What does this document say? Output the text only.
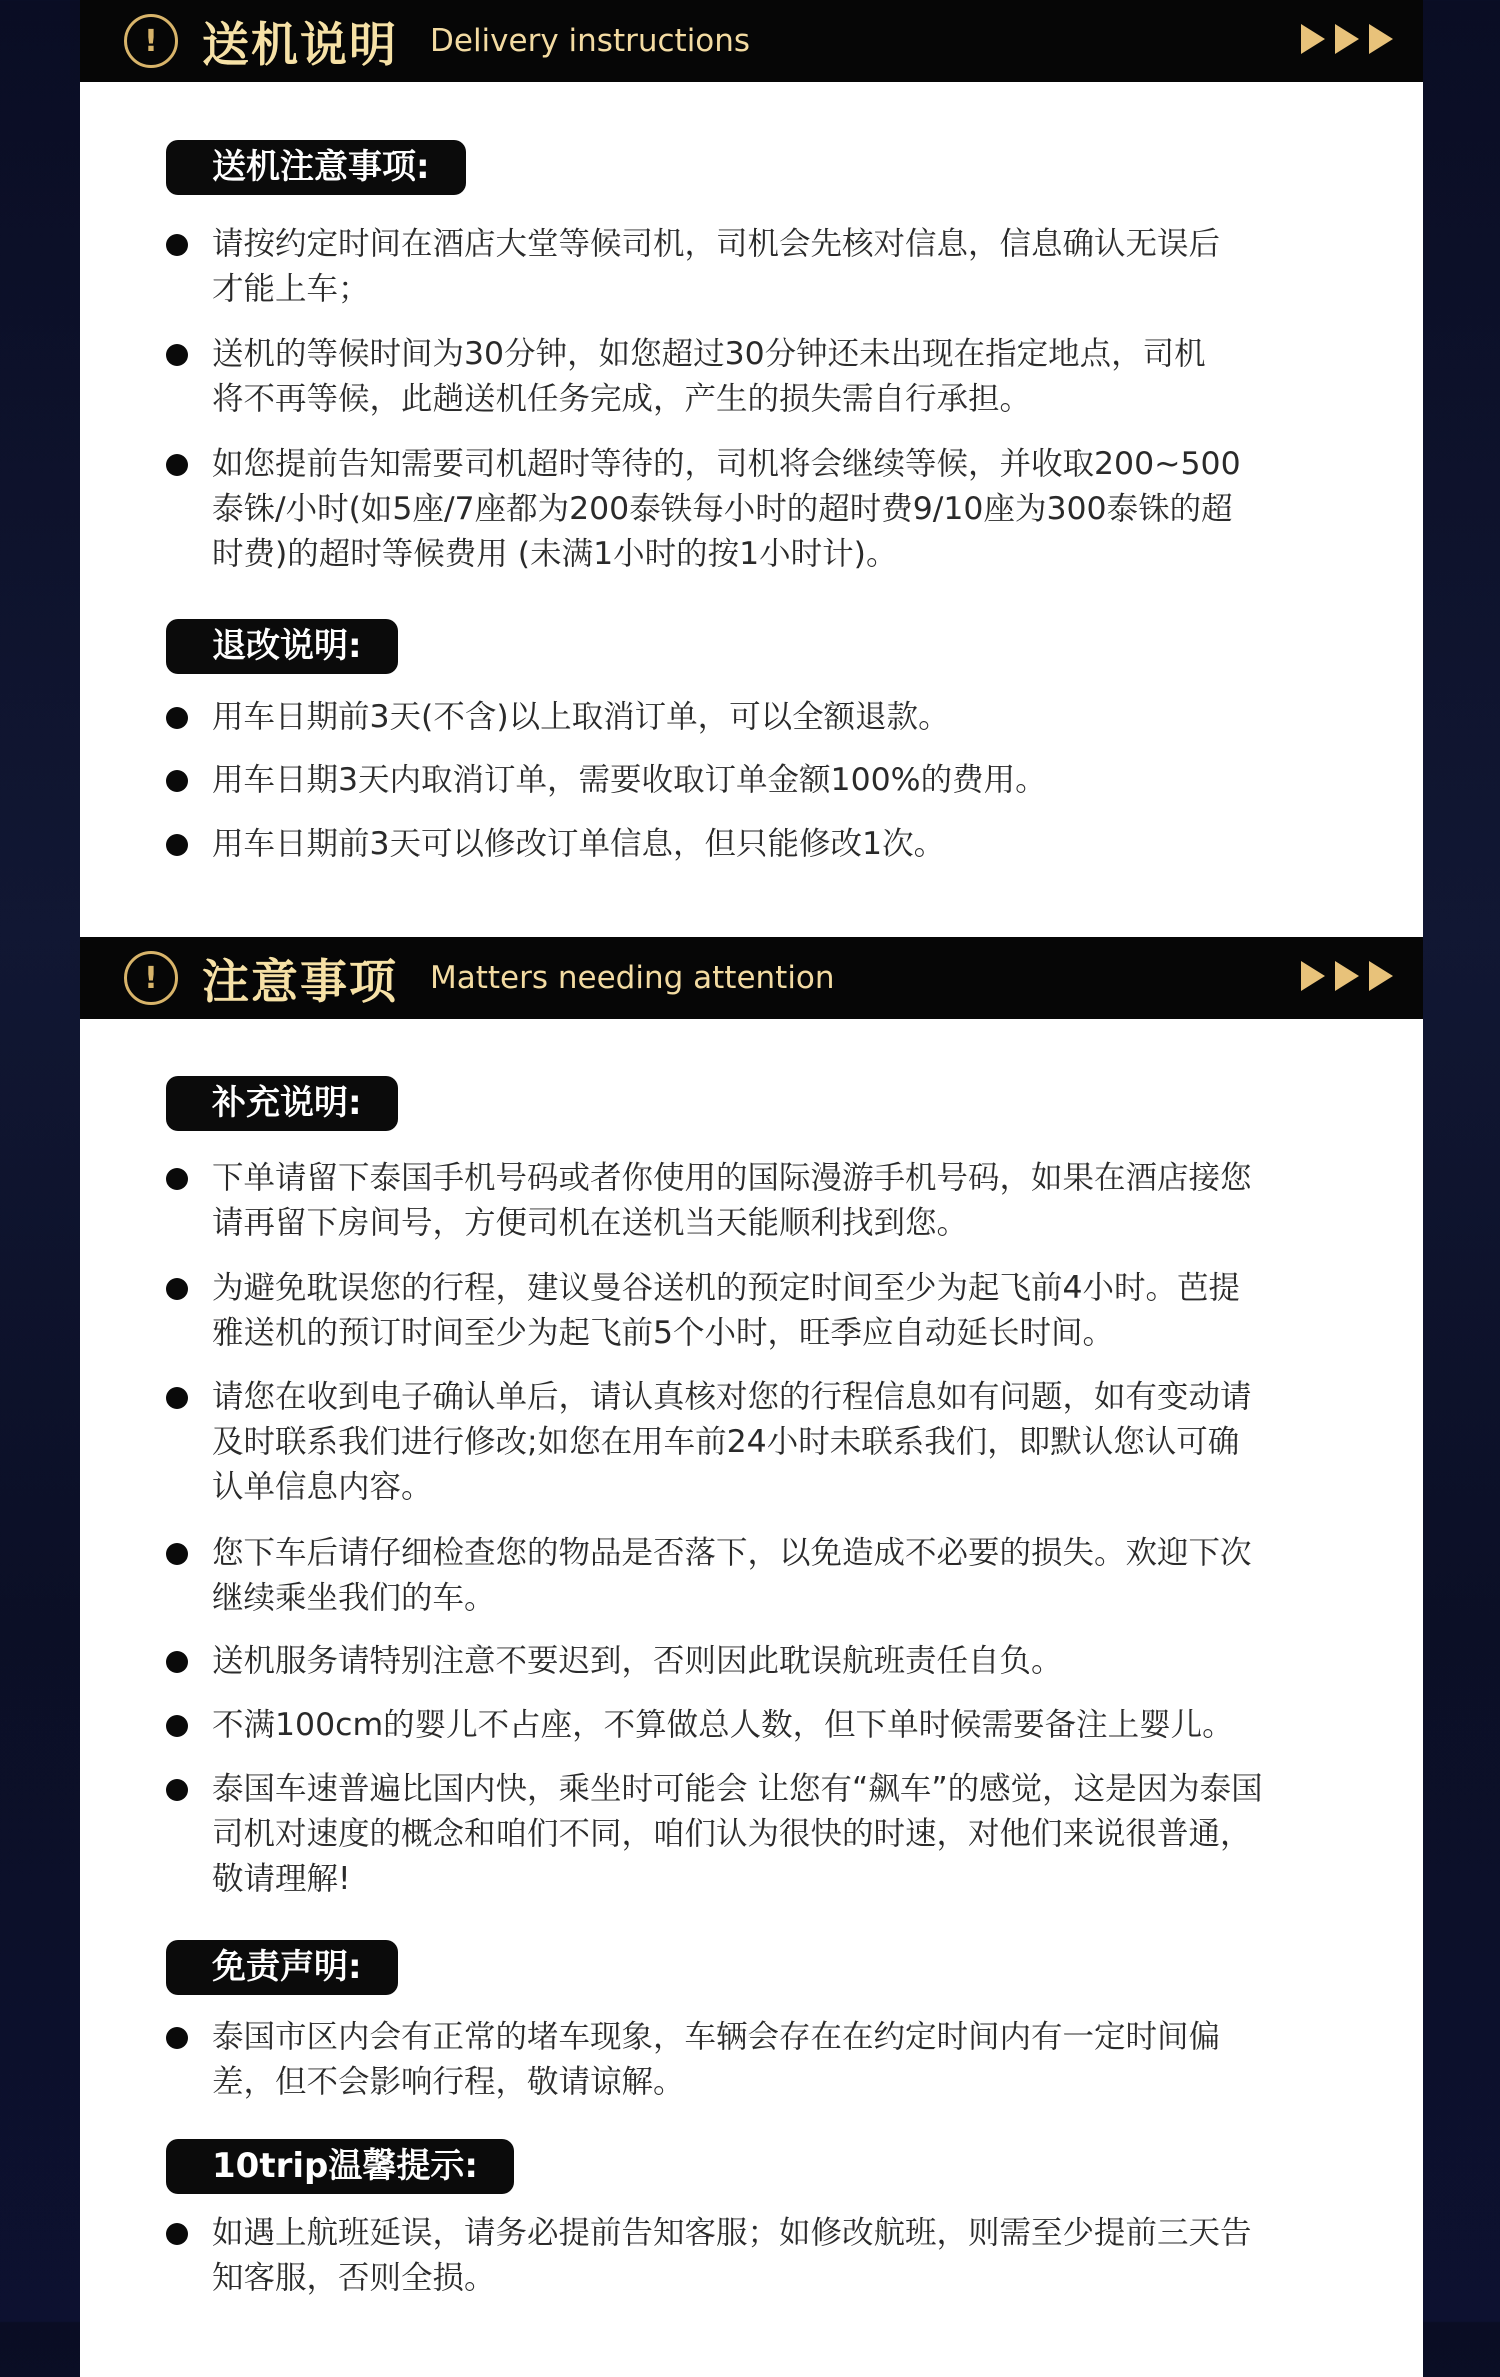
! 送机说明 Delivery instructions
送机注意事项:
请按约定时间在酒店大堂等候司机，司机会先核对信息，信息确认无误后
才能上车；
送机的等候时间为30分钟，如您超过30分钟还未出现在指定地点，司机
将不再等候，此趟送机任务完成，产生的损失需自行承担。
如您提前告知需要司机超时等待的，司机将会继续等候，并收取200~500
泰铢/小时(如5座/7座都为200泰铁每小时的超时费9/10座为300泰铢的超
时费)的超时等候费用 (未满1小时的按1小时计)。
退改说明:
用车日期前3天(不含)以上取消订单，可以全额退款。
用车日期3天内取消订单，需要收取订单金额100%的费用。
用车日期前3天可以修改订单信息，但只能修改1次。
! 注意事项 Matters needing attention
补充说明:
下单请留下泰国手机号码或者你使用的国际漫游手机号码，如果在酒店接您
请再留下房间号，方便司机在送机当天能顺利找到您。
为避免耽误您的行程，建议曼谷送机的预定时间至少为起飞前4小时。芭提
雅送机的预订时间至少为起飞前5个小时，旺季应自动延长时间。
请您在收到电子确认单后，请认真核对您的行程信息如有问题，如有变动请
及时联系我们进行修改;如您在用车前24小时未联系我们，即默认您认可确
认单信息内容。
您下车后请仔细检查您的物品是否落下，以免造成不必要的损失。欢迎下次
继续乘坐我们的车。
送机服务请特别注意不要迟到，否则因此耽误航班责任自负。
不满100cm的婴儿不占座，不算做总人数，但下单时候需要备注上婴儿。
泰国车速普遍比国内快，乘坐时可能会 让您有“飙车”的感觉，这是因为泰国
司机对速度的概念和咱们不同，咱们认为很快的时速，对他们来说很普通，
敬请理解!
免责声明:
泰国市区内会有正常的堵车现象，车辆会存在在约定时间内有一定时间偏
差，但不会影响行程，敬请谅解。
10trip温馨提示:
如遇上航班延误，请务必提前告知客服；如修改航班，则需至少提前三天告
知客服，否则全损。
